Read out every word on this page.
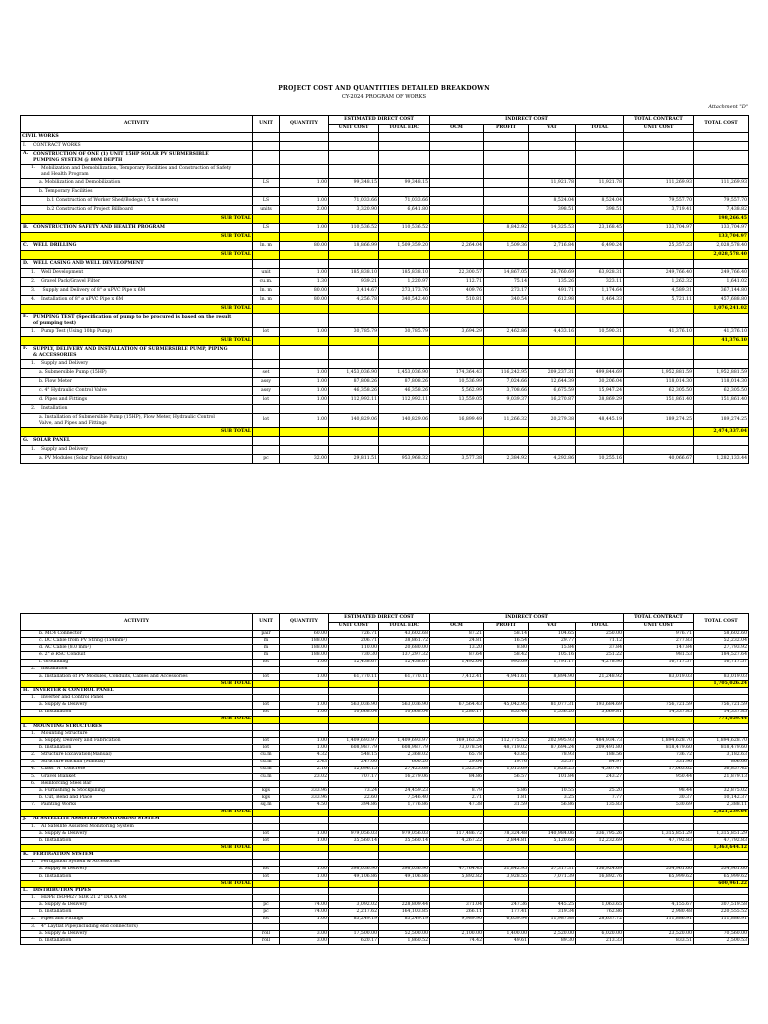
PROJECT COST AND QUANTITIES DETAILED BREAKDOWN
CY-2024 PROGRAM OF WORKS
Attachment "D"
ACTIVITY	UNIT	QUANTITY	ESTIMATED DIRECT COST		INDIRECT COST				TOTAL CONTRACT	TOTAL COST
			UNIT COST	TOTAL EDC	OCM	PROFIT	VAT	TOTAL	UNIT COST	
CIVIL WORKS										
I. CONTRACT WORKS										
A. CONSTRUCTION OF ONE (1) UNIT 15HP SOLAR PV SUBMERSIBLE PUMPING SYSTEM @ 80M DEPTH										
1. Mobilization and Demobilization, Temporary Facilities and Construction of Safety and Health Program										
a. Mobilization and Demobilization	LS	1.00	99,348.15	99,348.15			11,921.78	11,921.78	111,269.93	111,269.93
b. Temporary Facilities										
b.1 Construction of Worker Shed/Bodega ( 5 x 4 meters)	LS	1.00	71,033.66	71,033.66			8,524.04	8,524.04	79,557.70	79,557.70
b.2 Construction of Project Billboard	units	2.00	3,320.90	6,641.80			398.51	398.51	3,719.41	7,438.82
SUB TOTAL										198,266.45
B. CONSTRUCTION SAFETY AND HEALTH PROGRAM	LS	1.00	110,536.52	110,536.52		8,842.92	14,325.53	23,168.45	133,704.97	133,704.97
SUB TOTAL										133,704.97
C. WELL DRILLING	ln. m	80.00	18,866.99	1,509,359.20	2,264.04	1,509.36	2,716.84	6,490.24	25,357.23	2,028,578.40
SUB TOTAL										2,028,578.40
D. WELL CASING AND WELL DEVELOPMENT										
1. Well Development	unit	1.00	185,838.10	185,838.10	22,300.57	14,867.05	26,760.69	63,928.31	249,766.40	249,766.40
2. Gravel Pack/Gravel Filter	cu.m.	1.30	939.21	1,220.97	112.71	75.14	135.26	323.11	1,262.32	1,641.02
3. Supply and Delivery of 8" ø uPVC Pipe x 6M	ln. m	80.00	3,414.67	273,173.76	409.76	273.17	491.71	1,174.64	4,589.31	367,144.80
4. Installation of 8" ø uPVC Pipe x 6M	ln. m	80.00	4,256.78	340,542.40	510.81	340.54	612.98	1,464.33	5,721.11	457,688.80
SUB TOTAL										1,076,241.02
E. PUMPING TEST (Specification of pump to be procured is based on the result of pumping test)										
1. Pump Test (Using 10hp Pump)	lot	1.00	30,785.79	30,785.79	3,694.29	2,462.86	4,433.16	10,590.31	41,376.10	41,376.10
SUB TOTAL										41,376.10
F. SUPPLY, DELIVERY AND INSTALLATION OF SUBMERSIBLE PUMP, PIPING & ACCESSORIES										
1. Supply and Delivery										
a. Submersible Pump (15HP)	set	1.00	1,453,036.90	1,453,036.90	174,364.43	116,242.95	209,237.31	499,844.69	1,952,881.59	1,952,881.59
b. Flow Meter	assy	1.00	87,808.26	87,808.26	10,536.99	7,024.66	12,644.39	30,206.04	118,014.30	118,014.30
c. 4" Hydraulic Control Valve	assy	1.00	46,358.26	46,358.26	5,562.99	3,708.66	6,675.59	15,947.24	62,305.50	62,305.50
d. Pipes and Fittings	lot	1.00	112,992.11	112,992.11	13,559.05	9,039.37	16,270.87	38,869.29	151,861.40	151,861.40
2. Installation										
a. Installation of Submersible Pump (15HP), Flow Meter, Hydraulic Control Valve, and Pipes and Fittings	lot	1.00	140,829.06	140,829.06	16,899.49	11,266.32	20,279.38	48,445.19	189,274.25	189,274.25
SUB TOTAL										2,474,337.04
G. SOLAR PANEL										
1. Supply and Delivery										
a. PV Modules (Solar Panel 600watts)	pc	32.00	29,811.51	953,968.32	3,577.38	2,384.92	4,292.86	10,255.16	40,066.67	1,282,133.44
ACTIVITY	UNIT	QUANTITY	ESTIMATED DIRECT COST		INDIRECT COST				TOTAL CONTRACT	TOTAL COST
			UNIT COST	TOTAL EDC	OCM	PROFIT	VAT	TOTAL	UNIT COST	
b. MC4 Connector	pair	60.00	726.71	43,602.68	87.21	58.14	104.65	250.00	976.71	58,602.60
c. DC Cable from PV String (1x4mm²)	m	188.00	206.71	38,861.72	24.81	16.54	29.77	71.12	277.83	52,232.04
d. AC Cable (8.0 mm²)	m	188.00	110.00	20,680.00	13.20	8.80	15.84	37.84	147.84	27,793.92
e. 2" ø RSC Conduit	m	188.00	730.30	137,297.32	87.64	58.42	105.16	251.22	981.53	184,527.64
f. Grounding	lot	1.00	12,438.67	12,438.67	1,492.64	995.09	1,791.17	4,278.90	16,717.57	16,717.57
2. Installation										
a. Installation of PV Modules, Conduits, Cables and Accessories	lot	1.00	61,770.11	61,770.11	7,412.41	4,941.61	8,894.90	21,248.92	83,019.03	83,019.03
SUB TOTAL										1,705,026.24
H. INVERTER & CONTROL PANEL										
1. Inverter and Control Panel										
a. Supply & Delivery	lot	1.00	563,036.90	563,036.90	67,564.43	45,042.95	81,077.31	193,684.69	756,721.59	756,721.59
b. Installation	lot	1.00	10,668.04	10,668.04	1,280.17	853.44	1,536.20	3,669.81	14,337.85	14,337.85
SUB TOTAL										771,059.44
I. MOUNTING STRUCTURES										
1. Mounting Structure										
a. Supply, Delivery and Fabrication	lot	1.00	1,409,693.97	1,409,693.97	169,163.28	112,775.52	202,995.93	484,934.73	1,894,628.70	1,894,628.70
b. Installation	lot	1.00	608,987.79	608,987.79	73,078.54	48,719.02	87,694.24	209,491.80	818,479.60	818,479.60
2. Structure Excavation(Manual)	cu.m	4.32	548.15	2,368.02	65.78	43.85	78.93	188.56	736.72	3,182.63
3. Structure Backfill (Manual)	cu.m	2.43	247.00	600.20	29.64	19.76	35.57	84.97	331.96	806.66
4. Class "A" Concrete	cu.m	2.16	12,696.15	27,423.68	1,523.54	1,015.69	1,828.25	4,367.47	17,063.62	36,857.42
5. Gravel Blanket	cu.m	23.02	707.17	16,279.06	84.86	56.57	101.84	243.27	950.44	21,879.13
6. Reinforcing Steel Bar										
a. Furnishing & Stockpilling	kgs	333.96	73.24	24,459.23	8.79	5.86	10.55	25.20	98.44	32,875.02
b. Cut, Bend and Place	kgs	333.96	22.60	7,546.40	2.71	1.81	3.25	7.77	30.37	10,142.37
7. Painting Works	sq.m	4.50	394.86	1,776.86	47.38	31.59	56.86	135.83	530.69	2,388.11
SUB TOTAL										2,821,239.64
J. AI SATELLITE ASSISTED MONITORING SYSTEM										
1. AI Satellite Assisted Monitoring System										
a. Supply & Delivery	lot	1.00	979,056.03	979,056.03	117,486.72	78,324.48	140,984.06	336,795.26	1,315,851.29	1,315,851.29
b. Installation	lot	1.00	35,560.14	35,560.14	4,267.22	2,844.81	5,120.66	12,232.69	47,792.83	47,792.83
SUB TOTAL										1,363,644.12
K. FERTIGATION SYSTEM										
1. Fertigation System & Accessories										
a. Supply & Delivery	lot	1.00	398,036.90	398,036.90	47,764.43	31,842.95	57,317.31	136,924.69	534,961.60	534,961.60
b. Installation	lot	1.00	49,106.86	49,106.86	5,892.82	3,928.55	7,071.39	16,892.76	65,999.62	65,999.62
SUB TOTAL										600,961.22
L. DISTRIBUTION PIPES										
1. HDPE ISO4427 SDR 21 2" DIA X 6M										
a. Supply & Delivery	pc	74.00	3,092.02	228,809.44	371.04	247.36	445.25	1,063.65	4,155.67	307,519.58
b. Installation	pc	74.00	2,217.62	164,103.85	266.11	177.41	319.34	762.86	2,980.48	220,555.52
2. Pipes and Fittings	lot	1.00	83,249.19	83,249.19	9,989.90	6,659.94	11,987.88	28,637.72	111,886.91	111,886.91
3. 4" Layflat Pipe(including end connectors)										
a. Supply & Delivery	roll	3.00	17,500.00	52,500.00	2,100.00	1,400.00	2,520.00	6,020.00	23,520.00	70,560.00
b. Installation	roll	3.00	620.17	1,860.52	74.42	49.61	89.30	213.33	833.51	2,500.53
